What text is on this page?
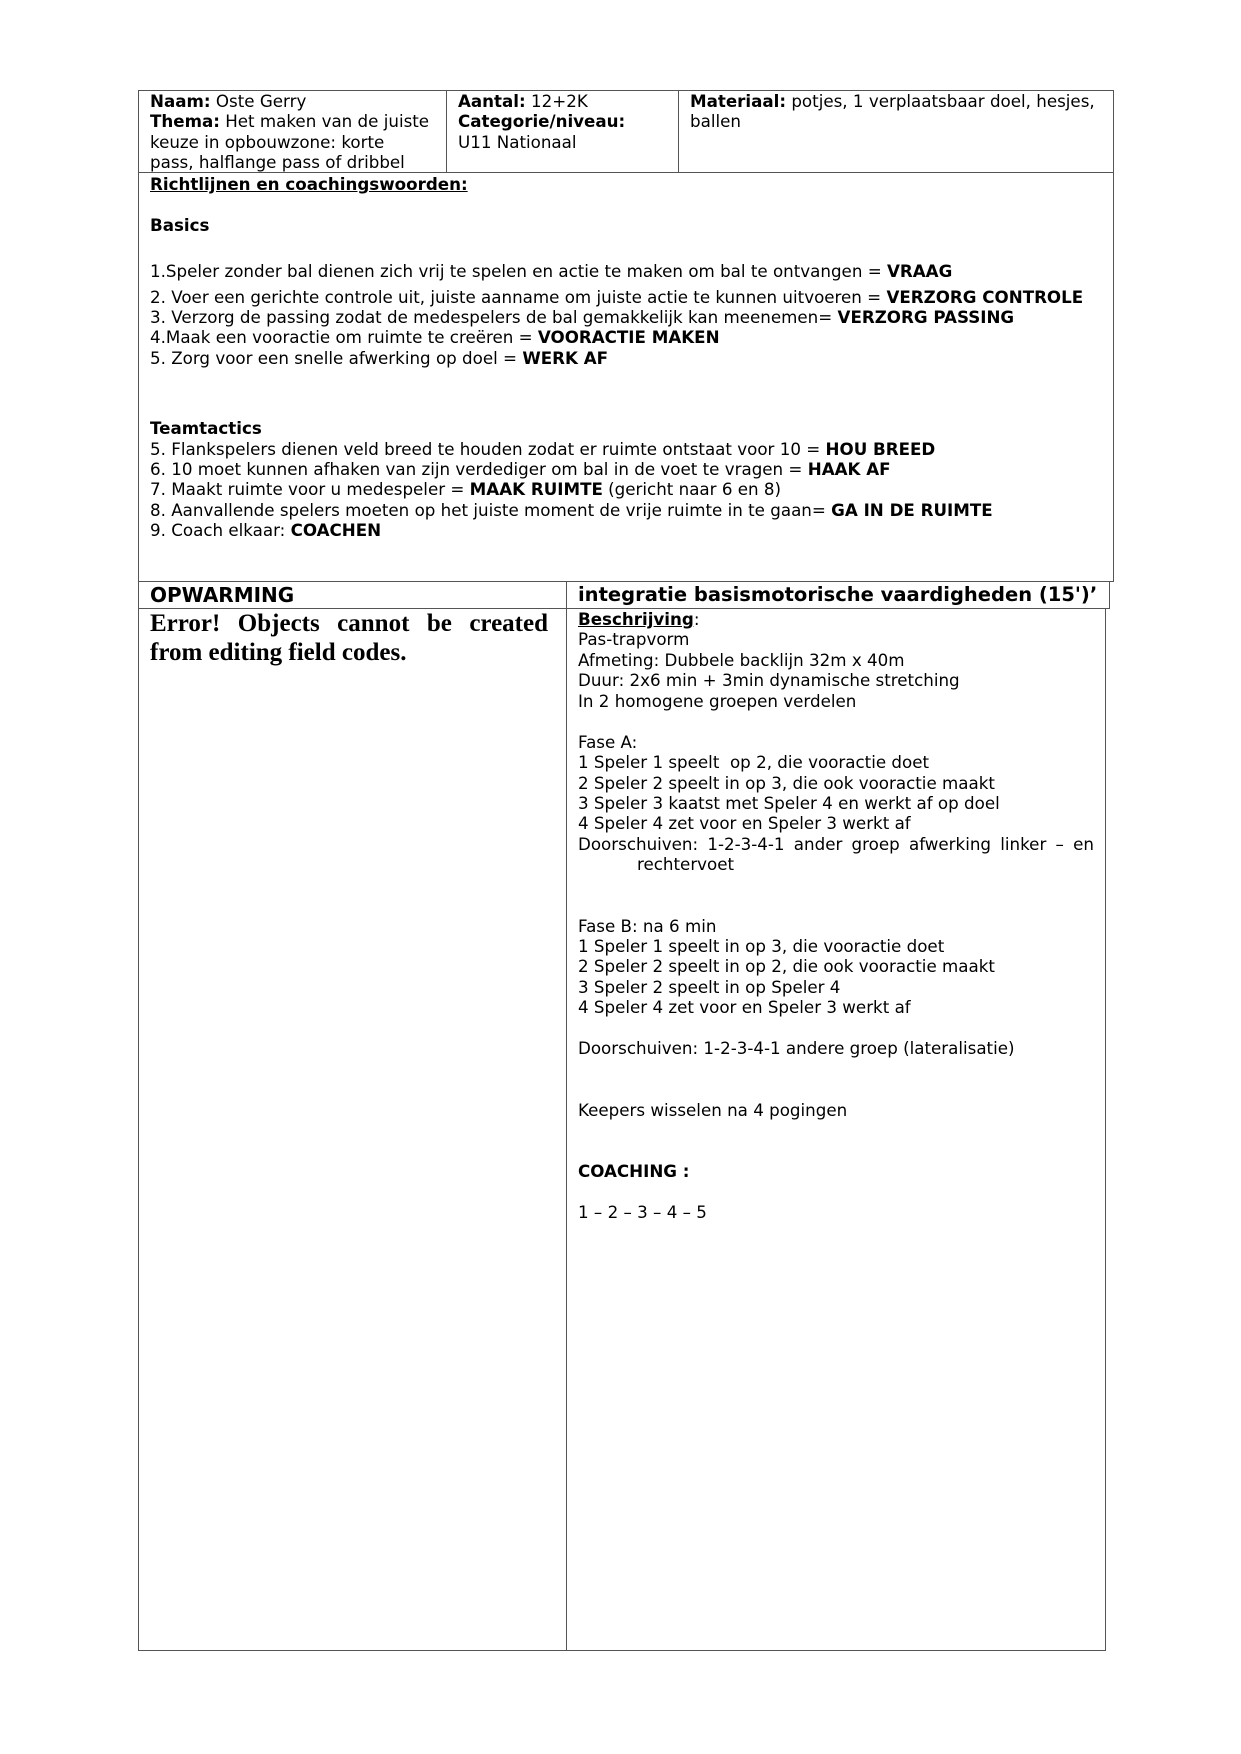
Naam: Oste Gerry
Thema: Het maken van de juiste
keuze in opbouwzone: korte
pass, halflange pass of dribbel
Aantal: 12+2K
Categorie/niveau:
U11 Nationaal
Materiaal: potjes, 1 verplaatsbaar doel, hesjes,
ballen
Richtlijnen en coachingswoorden:
Basics
1.Speler zonder bal dienen zich vrij te spelen en actie te maken om bal te ontvangen = VRAAG
2. Voer een gerichte controle uit, juiste aanname om juiste actie te kunnen uitvoeren = VERZORG CONTROLE
3. Verzorg de passing zodat de medespelers de bal gemakkelijk kan meenemen= VERZORG PASSING
4.Maak een vooractie om ruimte te creëren = VOORACTIE MAKEN
5. Zorg voor een snelle afwerking op doel = WERK AF
Teamtactics
5. Flankspelers dienen veld breed te houden zodat er ruimte ontstaat voor 10 = HOU BREED
6. 10 moet kunnen afhaken van zijn verdediger om bal in de voet te vragen = HAAK AF
7. Maakt ruimte voor u medespeler = MAAK RUIMTE (gericht naar 6 en 8)
8. Aanvallende spelers moeten op het juiste moment de vrije ruimte in te gaan= GA IN DE RUIMTE
9. Coach elkaar: COACHEN
OPWARMING	integratie basismotorische vaardigheden (15')’
Error! Objects cannot be created from editing field codes.
Beschrijving:
Pas-trapvorm
Afmeting: Dubbele backlijn 32m x 40m
Duur: 2x6 min + 3min dynamische stretching
In 2 homogene groepen verdelen
Fase A:
1 Speler 1 speelt  op 2, die vooractie doet
2 Speler 2 speelt in op 3, die ook vooractie maakt
3 Speler 3 kaatst met Speler 4 en werkt af op doel
4 Speler 4 zet voor en Speler 3 werkt af
Doorschuiven: 1-2-3-4-1 ander groep afwerking linker – en rechtervoet
Fase B: na 6 min
1 Speler 1 speelt in op 3, die vooractie doet
2 Speler 2 speelt in op 2, die ook vooractie maakt
3 Speler 2 speelt in op Speler 4
4 Speler 4 zet voor en Speler 3 werkt af
Doorschuiven: 1-2-3-4-1 andere groep (lateralisatie)
Keepers wisselen na 4 pogingen
COACHING :
1 – 2 – 3 – 4 – 5
